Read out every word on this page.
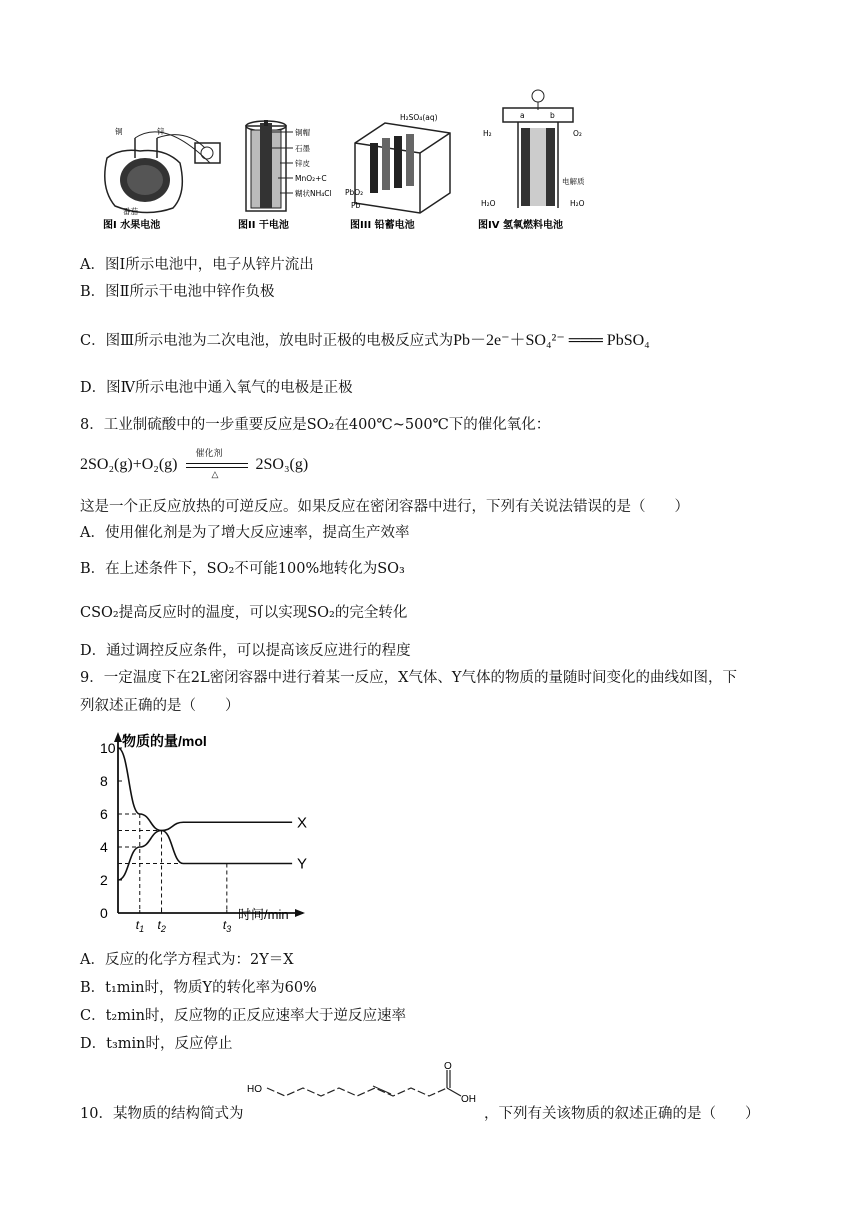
铜	锌
番茄
图I 水果电池
铜帽
石墨
锌皮
MnO₂+C
糊状NH₄Cl
图II 干电池
H₂SO₄(aq)
PbO₂
Pb
图III 铅蓄电池
a	b
H₂	O₂
电解质
H₂O	H₂O
图IV 氢氧燃料电池
A．图Ⅰ所示电池中，电子从锌片流出
B．图Ⅱ所示干电池中锌作负极
C．图Ⅲ所示电池为二次电池，放电时正极的电极反应式为Pb－2e⁻＋SO₄²⁻ ═══ PbSO₄
D．图Ⅳ所示电池中通入氧气的电极是正极
8．工业制硫酸中的一步重要反应是SO₂在400℃~500℃下的催化氧化：
2SO₂(g)+O₂(g)
催化剂
△
2SO₃(g)
这是一个正反应放热的可逆反应。如果反应在密闭容器中进行，下列有关说法错误的是（　　）
A．使用催化剂是为了增大反应速率，提高生产效率
B．在上述条件下，SO₂不可能100%地转化为SO₃
CSO₂提高反应时的温度，可以实现SO₂的完全转化
D．通过调控反应条件，可以提高该反应进行的程度
9．一定温度下在2L密闭容器中进行着某一反应，X气体、Y气体的物质的量随时间变化的曲线如图，下
列叙述正确的是（　　）
物质的量/mol
时间/min
0
2
4
6
8
10
$t_1$ $t_2$	$t_3$
X
Y
A．反应的化学方程式为：2Y＝X
B．t₁min时，物质Y的转化率为60%
C．t₂min时，反应物的正反应速率大于逆反应速率
D．t₃min时，反应停止
10．某物质的结构简式为
HO
O
OH
，下列有关该物质的叙述正确的是（　　）
